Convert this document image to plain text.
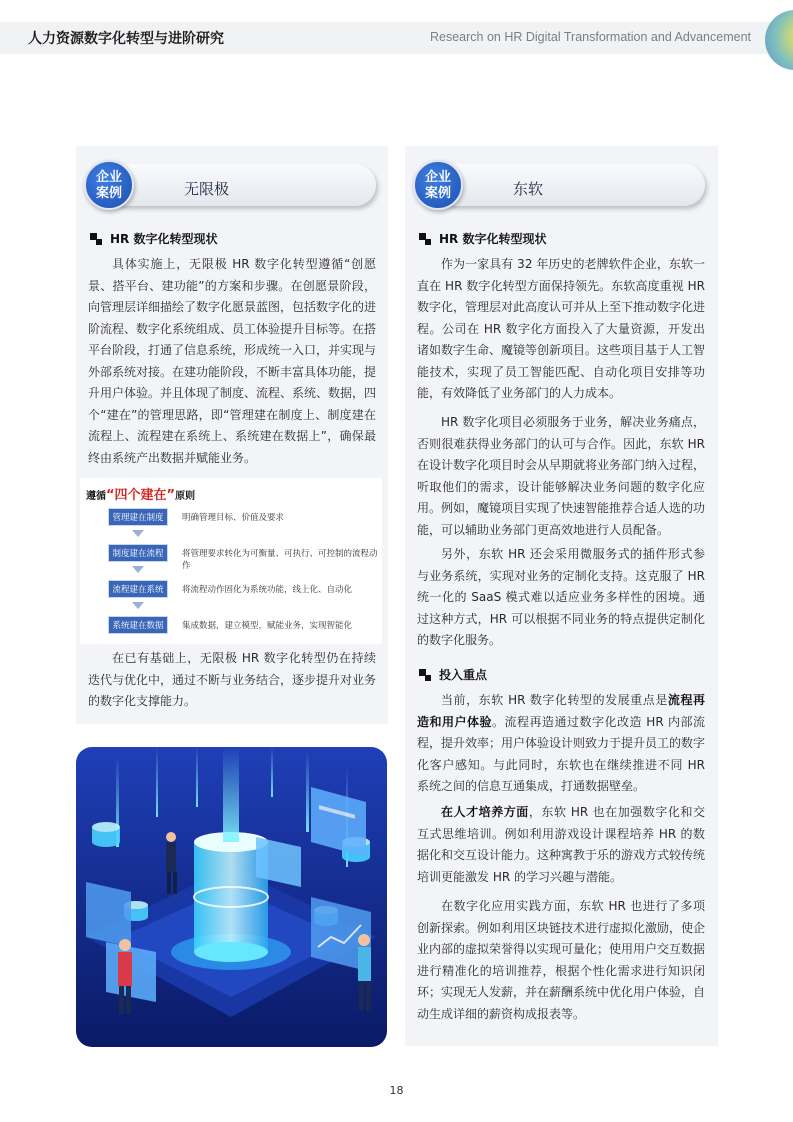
人力资源数字化转型与进阶研究	Research on HR Digital Transformation and Advancement
无限极
企业
案例
HR 数字化转型现状

具体实施上，无限极 HR 数字化转型遵循“创愿景、搭平台、建功能”的方案和步骤。在创愿景阶段，向管理层详细描绘了数字化愿景蓝图，包括数字化的进阶流程、数字化系统组成、员工体验提升目标等。在搭平台阶段，打通了信息系统，形成统一入口，并实现与外部系统对接。在建功能阶段，不断丰富具体功能，提升用户体验。并且体现了制度、流程、系统、数据，四个“建在”的管理思路，即“管理建在制度上、制度建在流程上、流程建在系统上、系统建在数据上”，确保最终由系统产出数据并赋能业务。

遵循“四个建在”原则
管理建在制度上
明确管理目标、价值及要求
制度建在流程上
将管理要求转化为可衡量、可执行、可控制的流程动作
流程建在系统上
将流程动作固化为系统功能，线上化、自动化
系统建在数据上
集成数据，建立模型，赋能业务，实现智能化

在已有基础上，无限极 HR 数字化转型仍在持续迭代与优化中，通过不断与业务结合，逐步提升对业务的数字化支撑能力。

东软
企业
案例
HR 数字化转型现状

作为一家具有 32 年历史的老牌软件企业，东软一直在 HR 数字化转型方面保持领先。东软高度重视 HR 数字化，管理层对此高度认可并从上至下推动数字化进程。公司在 HR 数字化方面投入了大量资源，开发出诸如数字生命、魔镜等创新项目。这些项目基于人工智能技术，实现了员工智能匹配、自动化项目安排等功能，有效降低了业务部门的人力成本。

HR 数字化项目必须服务于业务，解决业务痛点，否则很难获得业务部门的认可与合作。因此，东软 HR 在设计数字化项目时会从早期就将业务部门纳入过程，听取他们的需求，设计能够解决业务问题的数字化应用。例如，魔镜项目实现了快速智能推荐合适人选的功能，可以辅助业务部门更高效地进行人员配备。

另外，东软 HR 还会采用微服务式的插件形式参与业务系统，实现对业务的定制化支持。这克服了 HR 统一化的 SaaS 模式难以适应业务多样性的困境。通过这种方式，HR 可以根据不同业务的特点提供定制化的数字化服务。

投入重点

当前，东软 HR 数字化转型的发展重点是流程再造和用户体验。流程再造通过数字化改造 HR 内部流程，提升效率；用户体验设计则致力于提升员工的数字化客户感知。与此同时，东软也在继续推进不同 HR 系统之间的信息互通集成，打通数据壁垒。

在人才培养方面，东软 HR 也在加强数字化和交互式思维培训。例如利用游戏设计课程培养 HR 的数据化和交互设计能力。这种寓教于乐的游戏方式较传统培训更能激发 HR 的学习兴趣与潜能。

在数字化应用实践方面，东软 HR 也进行了多项创新探索。例如利用区块链技术进行虚拟化激励，使企业内部的虚拟荣誉得以实现可量化；使用用户交互数据进行精准化的培训推荐，根据个性化需求进行知识闭环；实现无人发薪，并在薪酬系统中优化用户体验，自动生成详细的薪资构成报表等。

18
